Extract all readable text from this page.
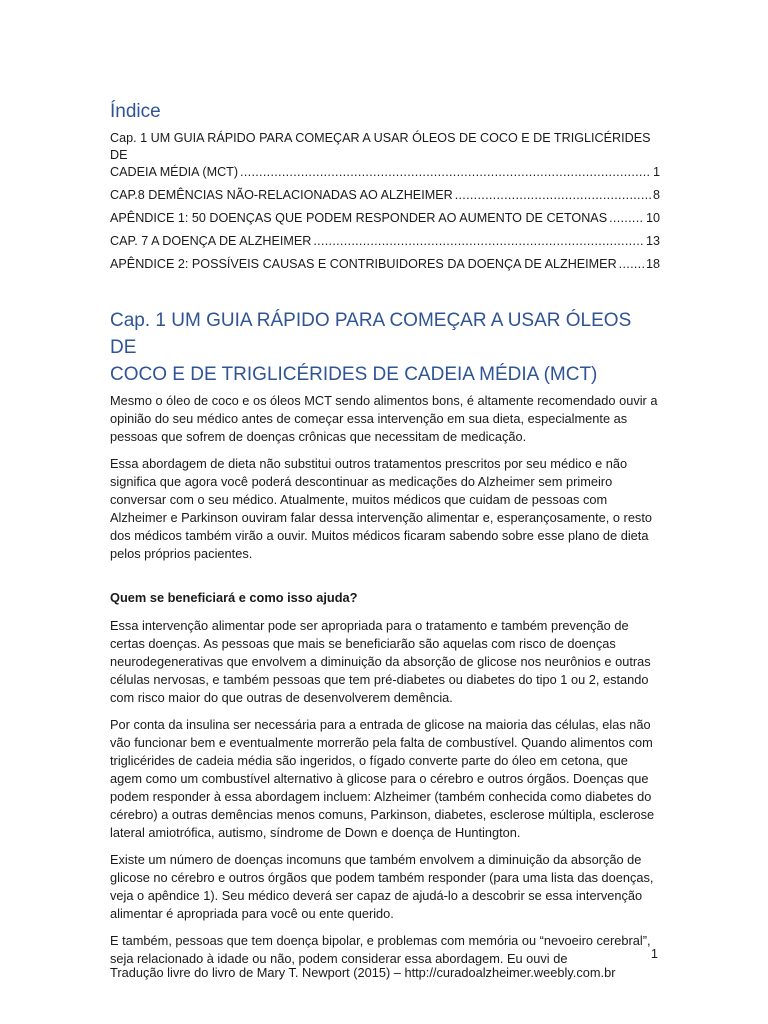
Índice
Cap. 1 UM GUIA RÁPIDO PARA COMEÇAR A USAR ÓLEOS DE COCO E DE TRIGLICÉRIDES DE
CADEIA MÉDIA (MCT) .....	1
CAP.8 DEMÊNCIAS NÃO-RELACIONADAS AO ALZHEIMER .....	8
APÊNDICE 1: 50 DOENÇAS QUE PODEM RESPONDER AO AUMENTO DE CETONAS .....	10
CAP. 7 A DOENÇA DE ALZHEIMER .....	13
APÊNDICE 2: POSSÍVEIS CAUSAS E CONTRIBUIDORES DA DOENÇA DE ALZHEIMER ..... 18
Cap. 1 UM GUIA RÁPIDO PARA COMEÇAR A USAR ÓLEOS DE
COCO E DE TRIGLICÉRIDES DE CADEIA MÉDIA (MCT)

Mesmo o óleo de coco e os óleos MCT sendo alimentos bons, é altamente recomendado ouvir a opinião do seu médico antes de começar essa intervenção em sua dieta, especialmente as pessoas que sofrem de doenças crônicas que necessitam de medicação.

Essa abordagem de dieta não substitui outros tratamentos prescritos por seu médico e não significa que agora você poderá descontinuar as medicações do Alzheimer sem primeiro conversar com o seu médico. Atualmente, muitos médicos que cuidam de pessoas com Alzheimer e Parkinson ouviram falar dessa intervenção alimentar e, esperançosamente, o resto dos médicos também virão a ouvir. Muitos médicos ficaram sabendo sobre esse plano de dieta pelos próprios pacientes.

Quem se beneficiará e como isso ajuda?

Essa intervenção alimentar pode ser apropriada para o tratamento e também prevenção de certas doenças. As pessoas que mais se beneficiarão são aquelas com risco de doenças neurodegenerativas que envolvem a diminuição da absorção de glicose nos neurônios e outras células nervosas, e também pessoas que tem pré-diabetes ou diabetes do tipo 1 ou 2, estando com risco maior do que outras de desenvolverem demência.

Por conta da insulina ser necessária para a entrada de glicose na maioria das células, elas não vão funcionar bem e eventualmente morrerão pela falta de combustível. Quando alimentos com triglicérides de cadeia média são ingeridos, o fígado converte parte do óleo em cetona, que agem como um combustível alternativo à glicose para o cérebro e outros órgãos. Doenças que podem responder à essa abordagem incluem: Alzheimer (também conhecida como diabetes do cérebro) a outras demências menos comuns, Parkinson, diabetes, esclerose múltipla, esclerose lateral amiotrófica, autismo, síndrome de Down e doença de Huntington.

Existe um número de doenças incomuns que também envolvem a diminuição da absorção de glicose no cérebro e outros órgãos que podem também responder (para uma lista das doenças, veja o apêndice 1). Seu médico deverá ser capaz de ajudá-lo a descobrir se essa intervenção alimentar é apropriada para você ou ente querido.

E também, pessoas que tem doença bipolar, e problemas com memória ou “nevoeiro cerebral”, seja relacionado à idade ou não, podem considerar essa abordagem. Eu ouvi de	1
Tradução livre do livro de Mary T. Newport (2015) – http://curadoalzheimer.weebly.com.br
